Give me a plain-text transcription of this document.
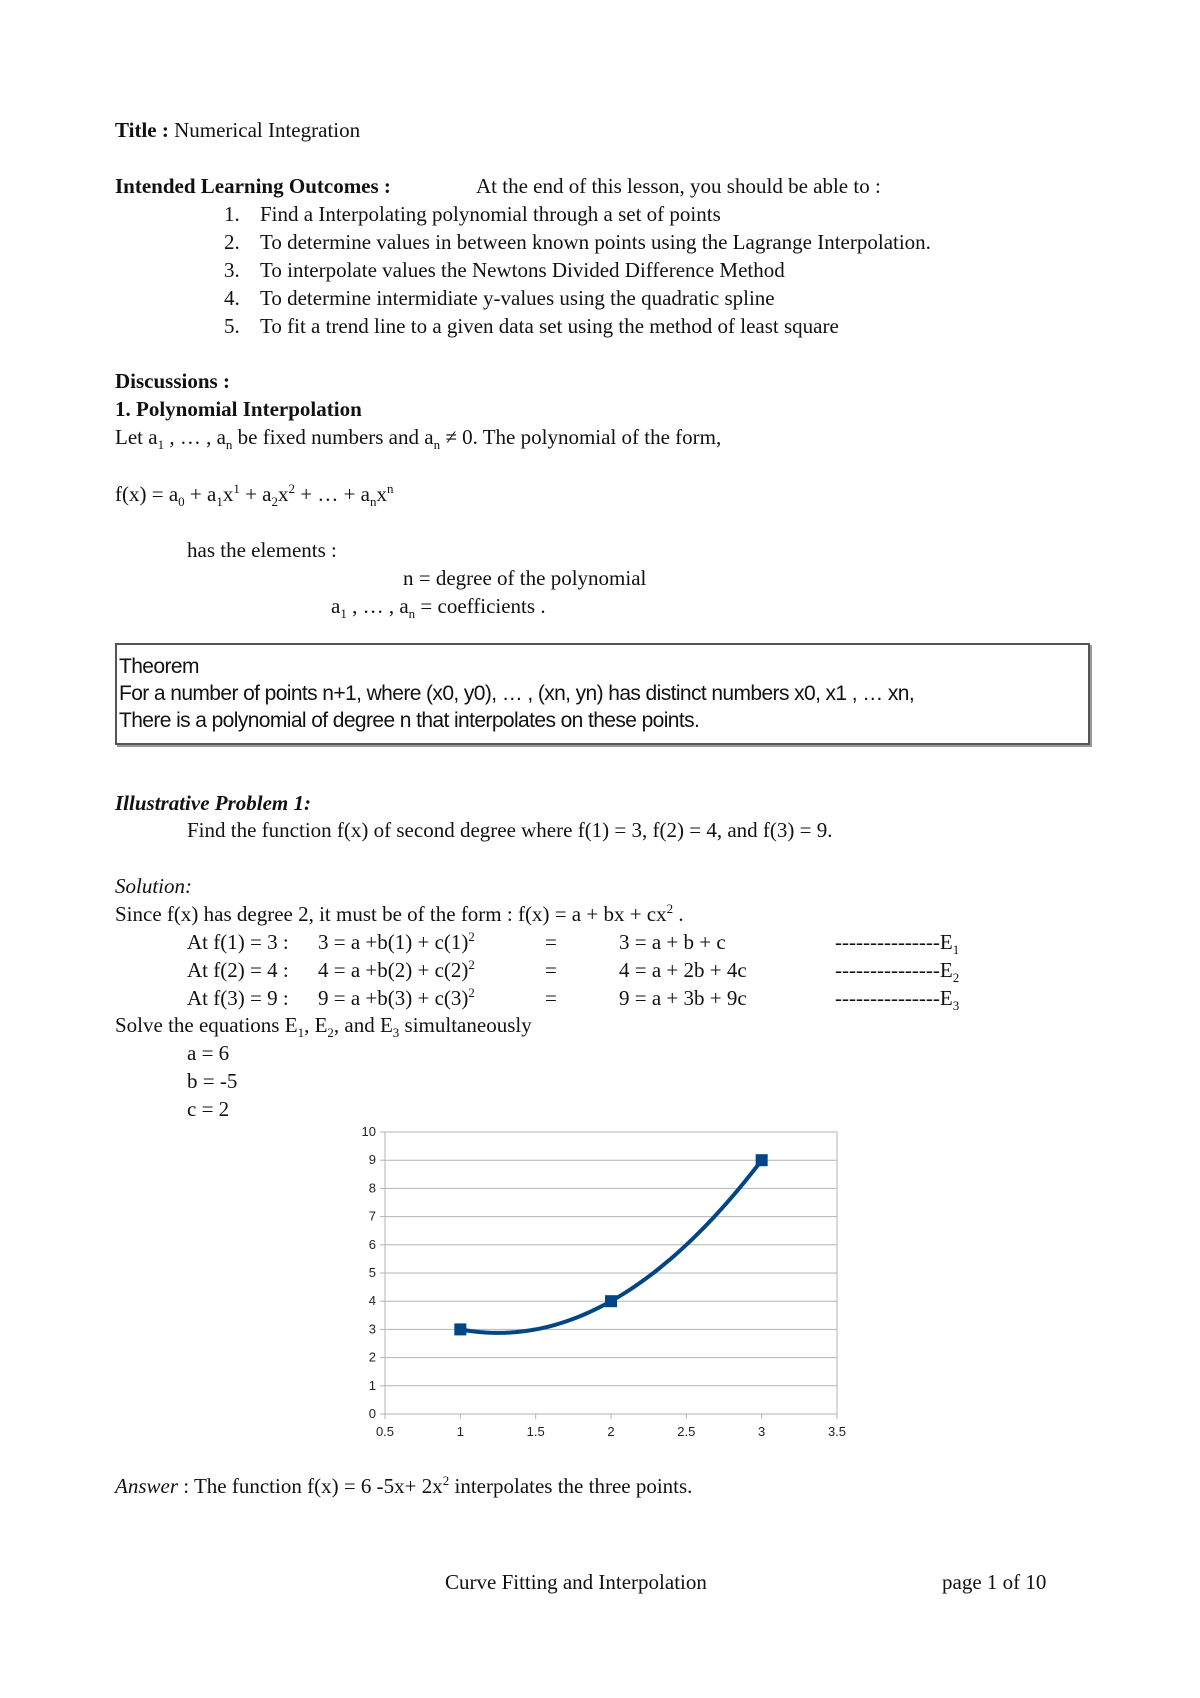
Title : Numerical Integration
Intended Learning Outcomes :	At the end of this lesson, you should be able to :
1. Find a Interpolating polynomial through a set of points
2. To determine values in between known points using the Lagrange Interpolation.
3. To interpolate values the Newtons Divided Difference Method
4. To determine intermidiate y-values using the quadratic spline
5. To fit a trend line to a given data set using the method of least square
Discussions :
1. Polynomial Interpolation
Let $a_1$ , … , $a_n$ be fixed numbers and $a_n \ne 0$. The polynomial of the form,
$f(x) = a_0 + a_1x^1 + a_2x^2$ + … + $a_nx^n$
has the elements :
n = degree of the polynomial
$a_1$ , … , $a_n$ = coefficients .
Theorem
For a number of points n+1, where (x0, y0), … , (xn, yn) has distinct numbers x0, x1 , … xn,
There is a polynomial of degree n that interpolates on these points.
Illustrative Problem 1:
Find the function f(x) of second degree where f(1) = 3, f(2) = 4, and f(3) = 9.
Solution:
Since f(x) has degree 2, it must be of the form : f(x) = a + bx + $cx^2$ .
At f(1) = 3 : $3 = a +b(1) + c(1)^2$	=	3 = a + b + c	$---------------E_1$
At f(2) = 4 : $4 = a +b(2) + c(2)^2$	=	4 = a + 2b + 4c	$---------------E_2$
At f(3) = 9 : $9 = a +b(3) + c(3)^2$	=	9 = a + 3b + 9c	$---------------E_3$
Solve the equations $E_1$, $E_2$, and $E_3$ simultaneously
a = 6
b = -5
c = 2
0
1
2
3
4
5
6
7
8
9
10
0.5	1	1.5	2	2.5	3	3.5
Answer : The function f(x) = 6 $-5x+ 2x^2$ interpolates the three points.
Curve Fitting and Interpolation	page 1 of 10
